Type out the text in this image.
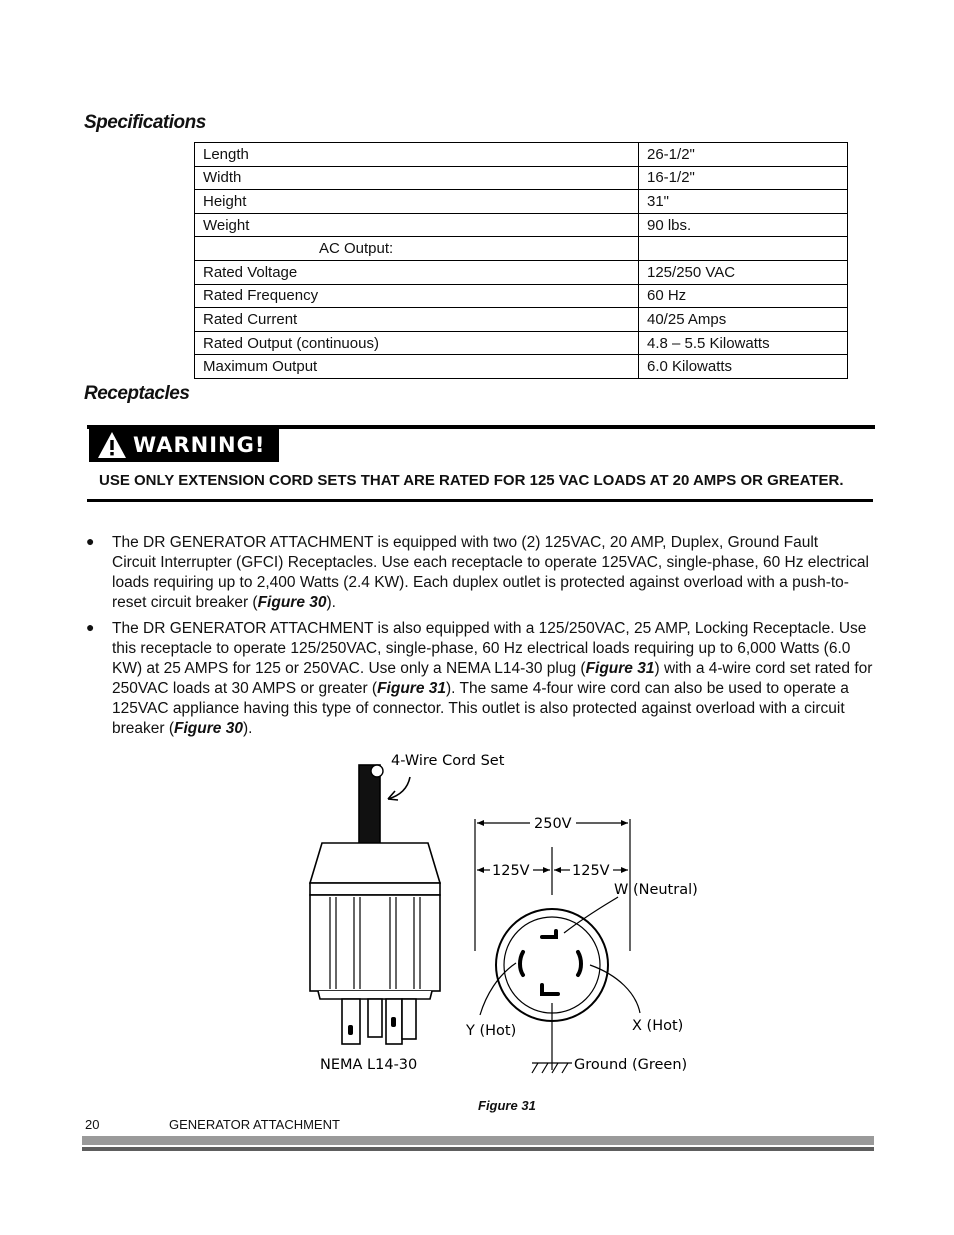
Specifications
Length	26-1/2"
Width	16-1/2"
Height	31"
Weight	90 lbs.
AC Output:	
Rated Voltage	125/250 VAC
Rated Frequency	60 Hz
Rated Current	40/25 Amps
Rated Output (continuous)	4.8 – 5.5 Kilowatts
Maximum Output	6.0 Kilowatts
Receptacles
WARNING!
USE ONLY EXTENSION CORD SETS THAT ARE RATED FOR 125 VAC LOADS AT 20 AMPS OR GREATER.
● The DR GENERATOR ATTACHMENT is equipped with two (2) 125VAC, 20 AMP, Duplex, Ground Fault
Circuit Interrupter (GFCI) Receptacles. Use each receptacle to operate 125VAC, single-phase, 60 Hz electrical
loads requiring up to 2,400 Watts (2.4 KW). Each duplex outlet is protected against overload with a push-to-
reset circuit breaker (Figure 30).
● The DR GENERATOR ATTACHMENT is also equipped with a 125/250VAC, 25 AMP, Locking Receptacle. Use
this receptacle to operate 125/250VAC, single-phase, 60 Hz electrical loads requiring up to 6,000 Watts (6.0
KW) at 25 AMPS for 125 or 250VAC. Use only a NEMA L14-30 plug (Figure 31) with a 4-wire cord set rated for
250VAC loads at 30 AMPS or greater (Figure 31). The same 4-four wire cord can also be used to operate a
125VAC appliance having this type of connector. This outlet is also protected against overload with a circuit
breaker (Figure 30).
4-Wire Cord Set
NEMA L14-30
250V
125V	125V
W (Neutral)
Y (Hot)	X (Hot)
Ground (Green)
Figure 31
20	GENERATOR ATTACHMENT
